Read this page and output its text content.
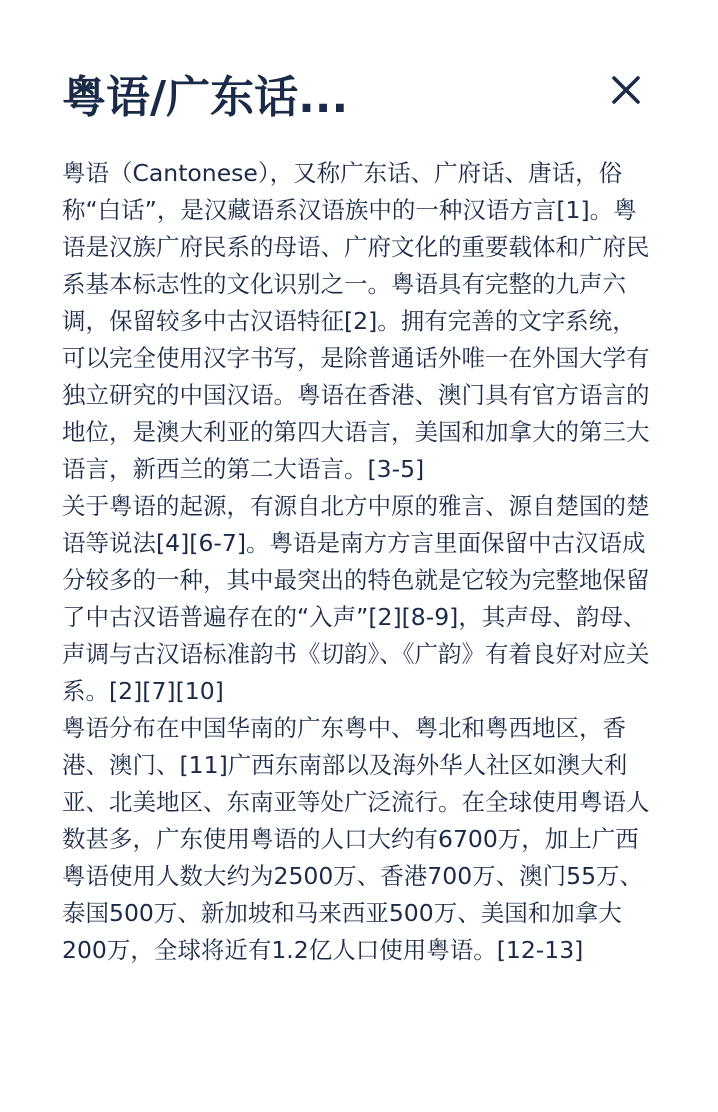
粤语/广东话...

粤语（Cantonese），又称广东话、广府话、唐话，俗称“白话”，是汉藏语系汉语族中的一种汉语方言[1]。粤语是汉族广府民系的母语、广府文化的重要载体和广府民系基本标志性的文化识别之一。粤语具有完整的九声六调，保留较多中古汉语特征[2]。拥有完善的文字系统，可以完全使用汉字书写，是除普通话外唯一在外国大学有独立研究的中国汉语。粤语在香港、澳门具有官方语言的地位，是澳大利亚的第四大语言，美国和加拿大的第三大语言，新西兰的第二大语言。[3-5]

关于粤语的起源，有源自北方中原的雅言、源自楚国的楚语等说法[4][6-7]。粤语是南方方言里面保留中古汉语成分较多的一种，其中最突出的特色就是它较为完整地保留了中古汉语普遍存在的“入声”[2][8-9]，其声母、韵母、声调与古汉语标准韵书《切韵》、《广韵》有着良好对应关系。[2][7][10]

粤语分布在中国华南的广东粤中、粤北和粤西地区，香港、澳门、[11]广西东南部以及海外华人社区如澳大利亚、北美地区、东南亚等处广泛流行。在全球使用粤语人数甚多，广东使用粤语的人口大约有6700万，加上广西粤语使用人数大约为2500万、香港700万、澳门55万、泰国500万、新加坡和马来西亚500万、美国和加拿大200万，全球将近有1.2亿人口使用粤语。[12-13]
